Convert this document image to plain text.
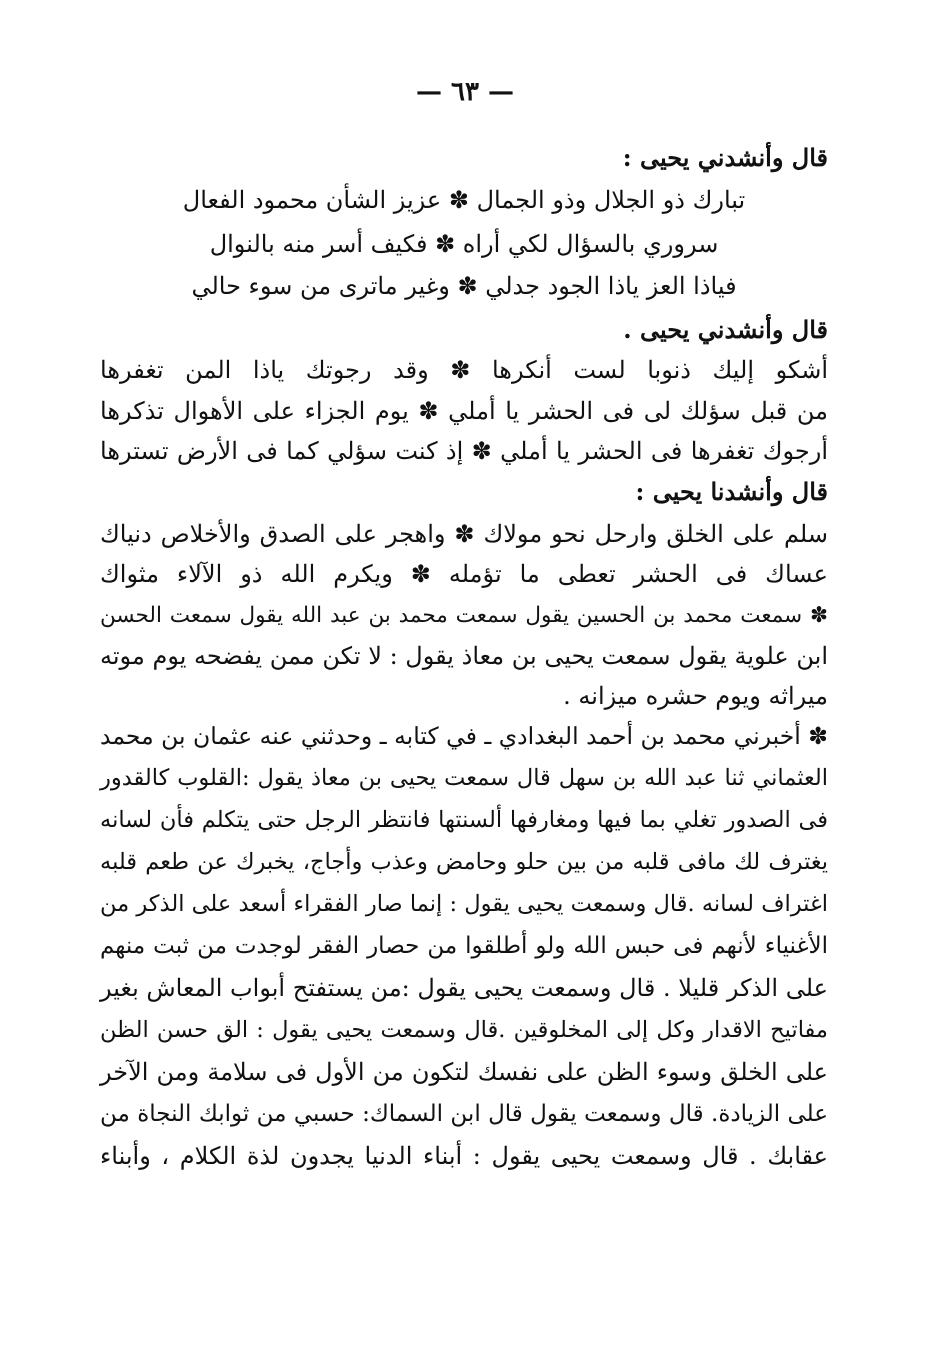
— ٦٣ —
قال وأنشدني يحيى :
تبارك ذو الجلال وذو الجمال ✽ عزيز الشأن محمود الفعال
سروري بالسؤال لكي أراه ✽ فكيف أسر منه بالنوال
فياذا العز ياذا الجود جدلي ✽ وغير ماترى من سوء حالي
قال وأنشدني يحيى .
أشكو إليك ذنوبا لست أنكرها ✽ وقد رجوتك ياذا المن تغفرها
من قبل سؤلك لى فى الحشر يا أملي ✽ يوم الجزاء على الأهوال تذكرها
أرجوك تغفرها فى الحشر يا أملي ✽ إذ كنت سؤلي كما فى الأرض تسترها
قال وأنشدنا يحيى :
سلم على الخلق وارحل نحو مولاك ✽ واهجر على الصدق والأخلاص دنياك
عساك فى الحشر تعطى ما تؤمله ✽ ويكرم الله ذو الآلاء مثواك
✽ سمعت محمد بن الحسين يقول سمعت محمد بن عبد الله يقول سمعت الحسن
ابن علوية يقول سمعت يحيى بن معاذ يقول : لا تكن ممن يفضحه يوم موته
ميراثه ويوم حشره ميزانه .
✽ أخبرني محمد بن أحمد البغدادي ـ في كتابه ـ وحدثني عنه عثمان بن محمد
العثماني ثنا عبد الله بن سهل قال سمعت يحيى بن معاذ يقول :القلوب كالقدور
فى الصدور تغلي بما فيها ومغارفها ألسنتها فانتظر الرجل حتى يتكلم فأن لسانه
يغترف لك مافى قلبه من بين حلو وحامض وعذب وأجاج، يخبرك عن طعم قلبه
اغتراف لسانه .قال وسمعت يحيى يقول : إنما صار الفقراء أسعد على الذكر من
الأغنياء لأنهم فى حبس الله ولو أطلقوا من حصار الفقر لوجدت من ثبت منهم
على الذكر قليلا . قال وسمعت يحيى يقول :من يستفتح أبواب المعاش بغير
مفاتيح الاقدار وكل إلى المخلوقين .قال وسمعت يحيى يقول : الق حسن الظن
على الخلق وسوء الظن على نفسك لتكون من الأول فى سلامة ومن الآخر
على الزيادة. قال وسمعت يقول قال ابن السماك: حسبي من ثوابك النجاة من
عقابك . قال وسمعت يحيى يقول : أبناء الدنيا يجدون لذة الكلام ، وأبناء
